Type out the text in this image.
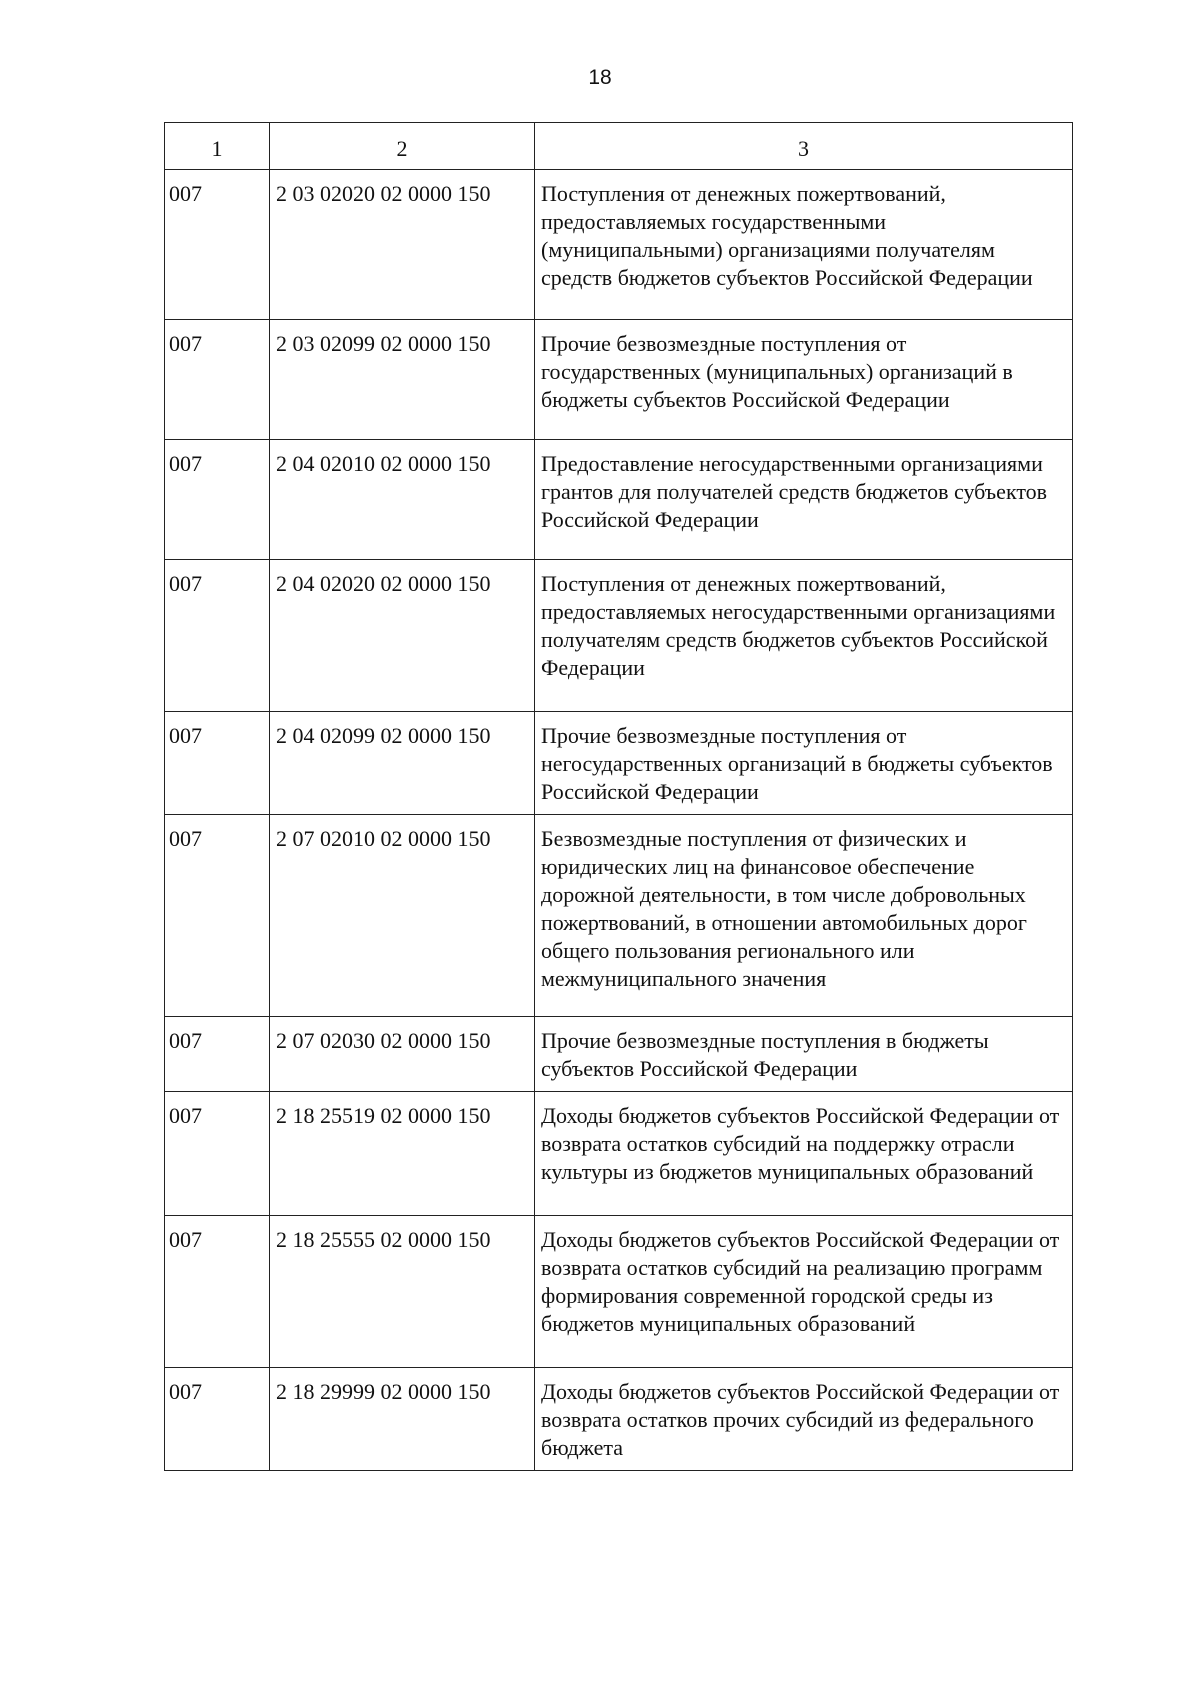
18
1	2	3
007	2 03 02020 02 0000 150	Поступления от денежных пожертвований, предоставляемых государственными (муниципальными) организациями получателям средств бюджетов субъектов Российской Федерации
007	2 03 02099 02 0000 150	Прочие безвозмездные поступления от государственных (муниципальных) организаций в бюджеты субъектов Российской Федерации
007	2 04 02010 02 0000 150	Предоставление негосударственными организациями грантов для получателей средств бюджетов субъектов Российской Федерации
007	2 04 02020 02 0000 150	Поступления от денежных пожертвований, предоставляемых негосударственными организациями получателям средств бюджетов субъектов Российской Федерации
007	2 04 02099 02 0000 150	Прочие безвозмездные поступления от негосударственных организаций в бюджеты субъектов Российской Федерации
007	2 07 02010 02 0000 150	Безвозмездные поступления от физических и юридических лиц на финансовое обеспечение дорожной деятельности, в том числе добровольных пожертвований, в отношении автомобильных дорог общего пользования регионального или межмуниципального значения
007	2 07 02030 02 0000 150	Прочие безвозмездные поступления в бюджеты субъектов Российской Федерации
007	2 18 25519 02 0000 150	Доходы бюджетов субъектов Российской Федерации от возврата остатков субсидий на поддержку отрасли культуры из бюджетов муниципальных образований
007	2 18 25555 02 0000 150	Доходы бюджетов субъектов Российской Федерации от возврата остатков субсидий на реализацию программ формирования современной городской среды из бюджетов муниципальных образований
007	2 18 29999 02 0000 150	Доходы бюджетов субъектов Российской Федерации от возврата остатков прочих субсидий из федерального бюджета
